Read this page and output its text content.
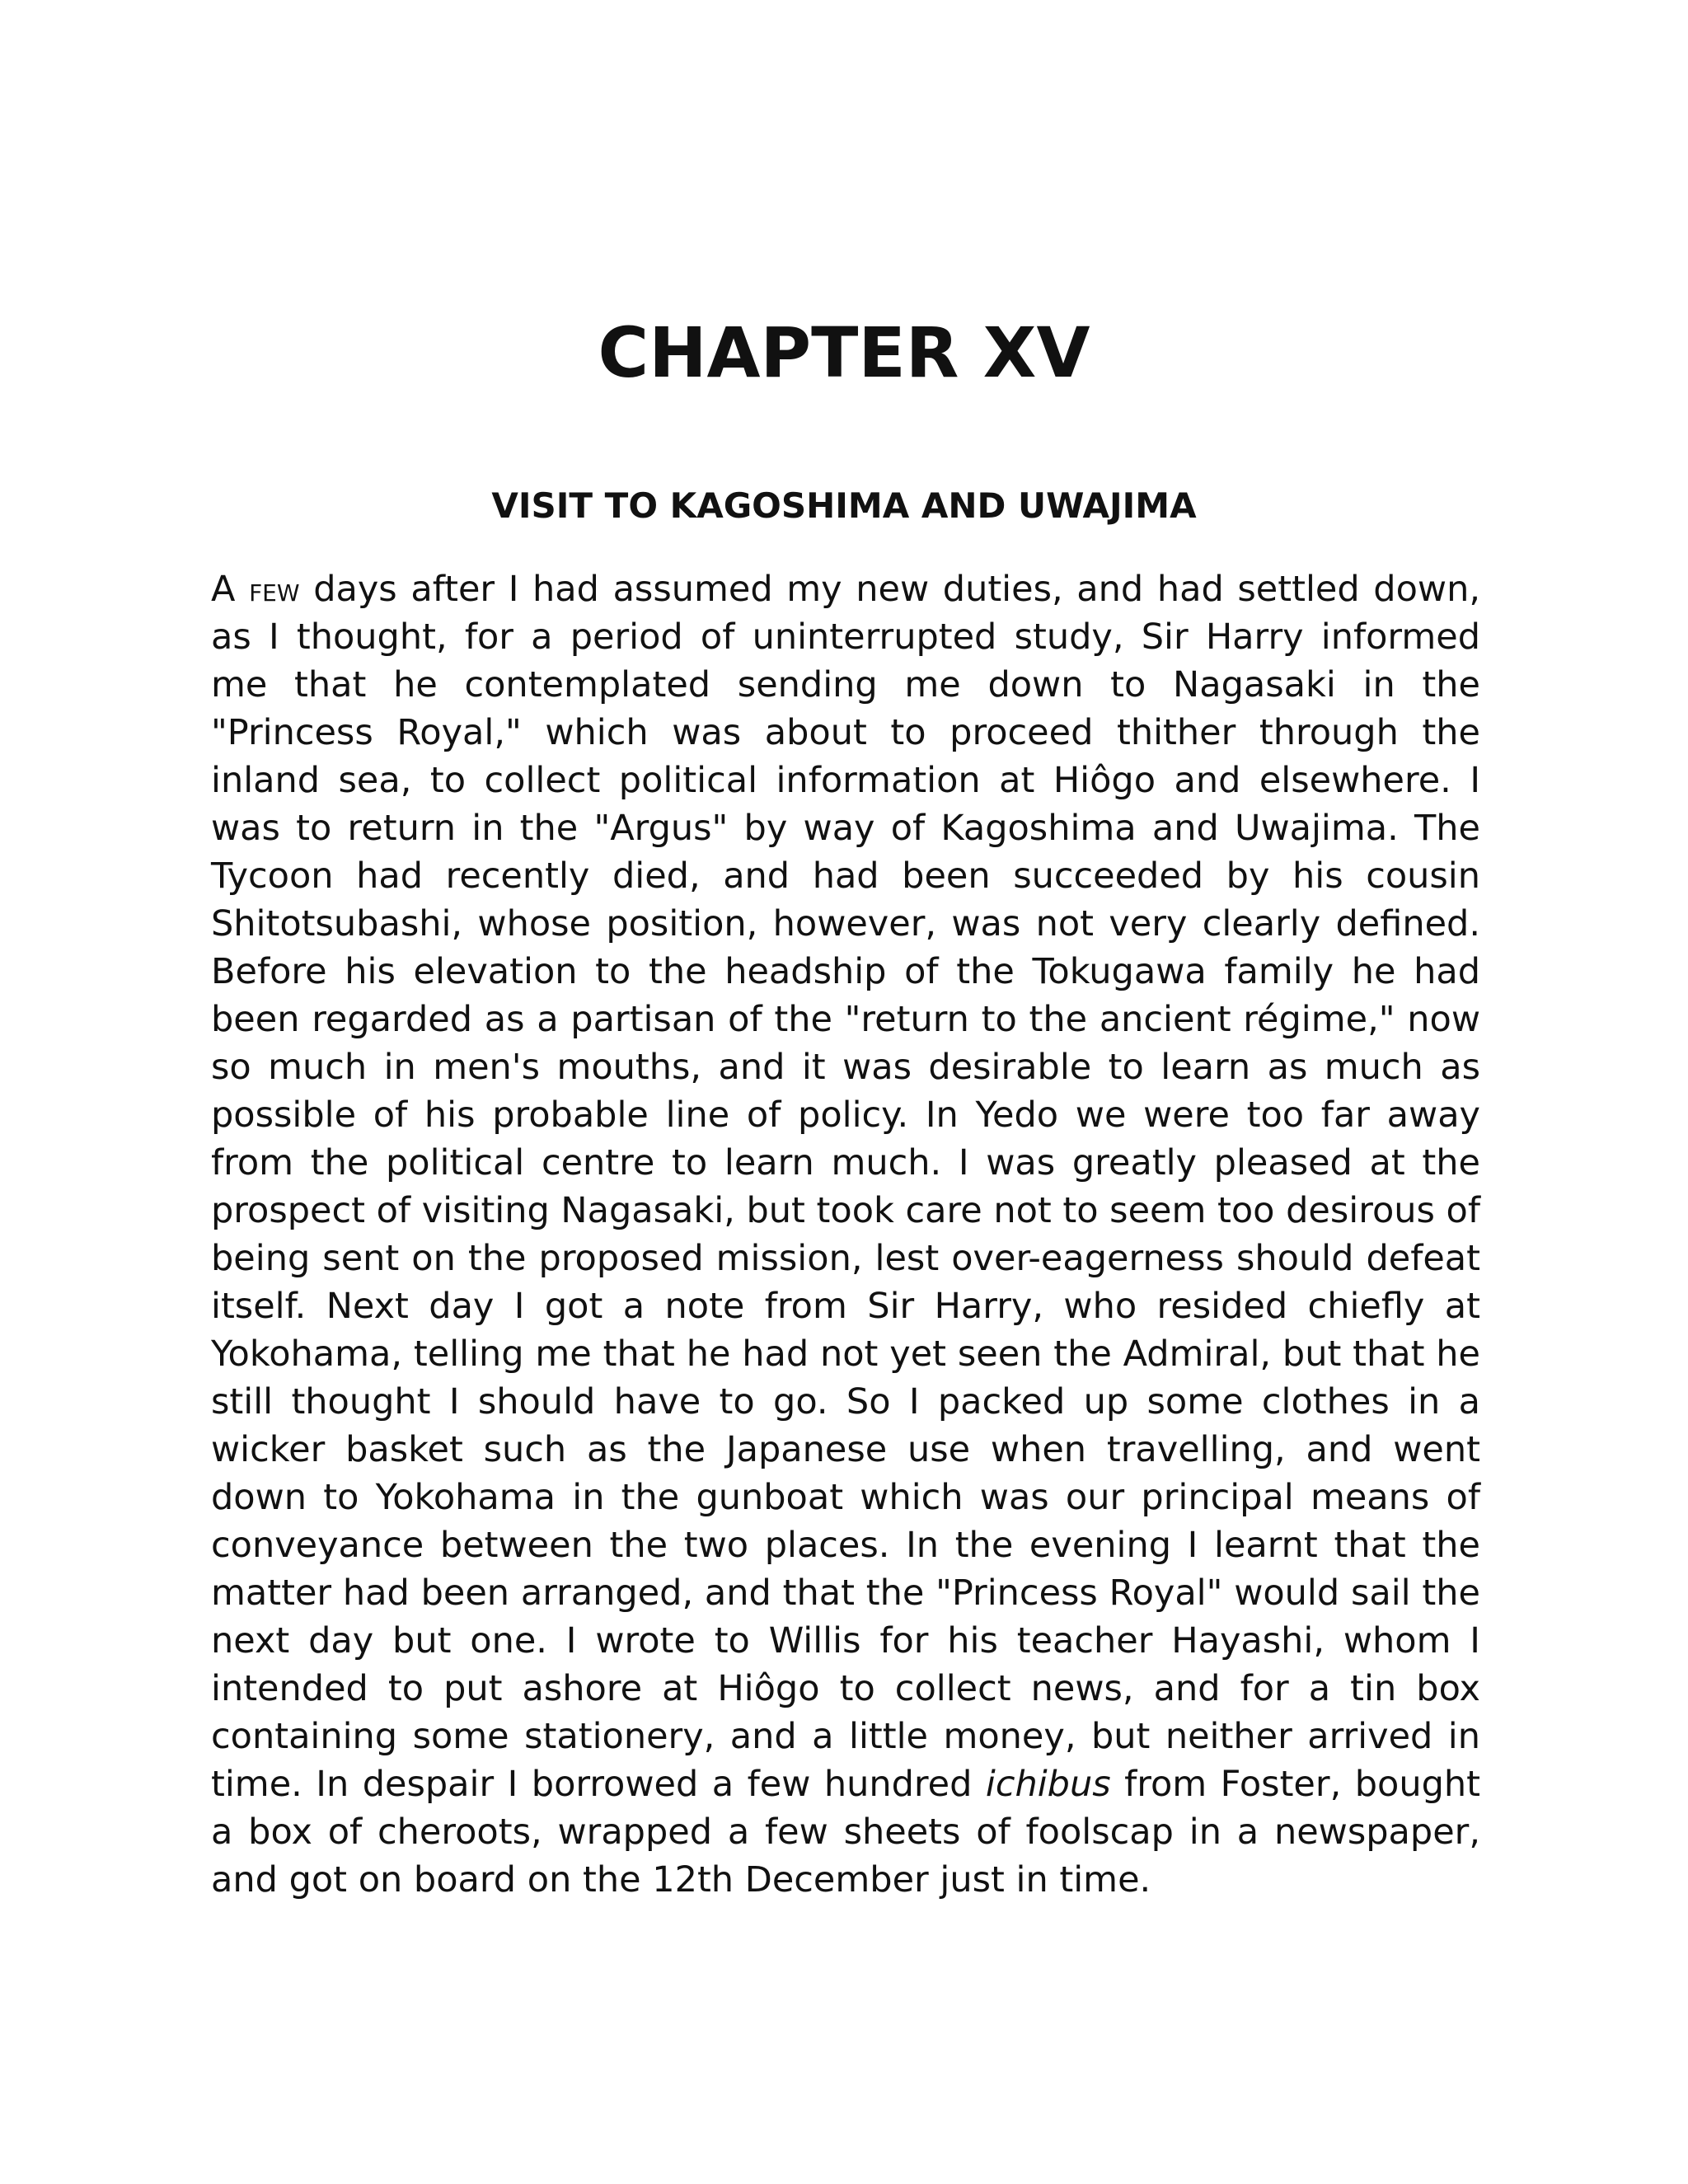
CHAPTER XV
VISIT TO KAGOSHIMA AND UWAJIMA
A few days after I had assumed my new duties, and had settled down,
as I thought, for a period of uninterrupted study, Sir Harry informed
me that he contemplated sending me down to Nagasaki in the
"Princess Royal," which was about to proceed thither through the
inland sea, to collect political information at Hiôgo and elsewhere. I
was to return in the "Argus" by way of Kagoshima and Uwajima. The
Tycoon had recently died, and had been succeeded by his cousin
Shitotsubashi, whose position, however, was not very clearly defined.
Before his elevation to the headship of the Tokugawa family he had
been regarded as a partisan of the "return to the ancient régime," now
so much in men's mouths, and it was desirable to learn as much as
possible of his probable line of policy. In Yedo we were too far away
from the political centre to learn much. I was greatly pleased at the
prospect of visiting Nagasaki, but took care not to seem too desirous of
being sent on the proposed mission, lest over-eagerness should defeat
itself. Next day I got a note from Sir Harry, who resided chiefly at
Yokohama, telling me that he had not yet seen the Admiral, but that he
still thought I should have to go. So I packed up some clothes in a
wicker basket such as the Japanese use when travelling, and went
down to Yokohama in the gunboat which was our principal means of
conveyance between the two places. In the evening I learnt that the
matter had been arranged, and that the "Princess Royal" would sail the
next day but one. I wrote to Willis for his teacher Hayashi, whom I
intended to put ashore at Hiôgo to collect news, and for a tin box
containing some stationery, and a little money, but neither arrived in
time. In despair I borrowed a few hundred ichibus from Foster, bought
a box of cheroots, wrapped a few sheets of foolscap in a newspaper,
and got on board on the 12th December just in time.
